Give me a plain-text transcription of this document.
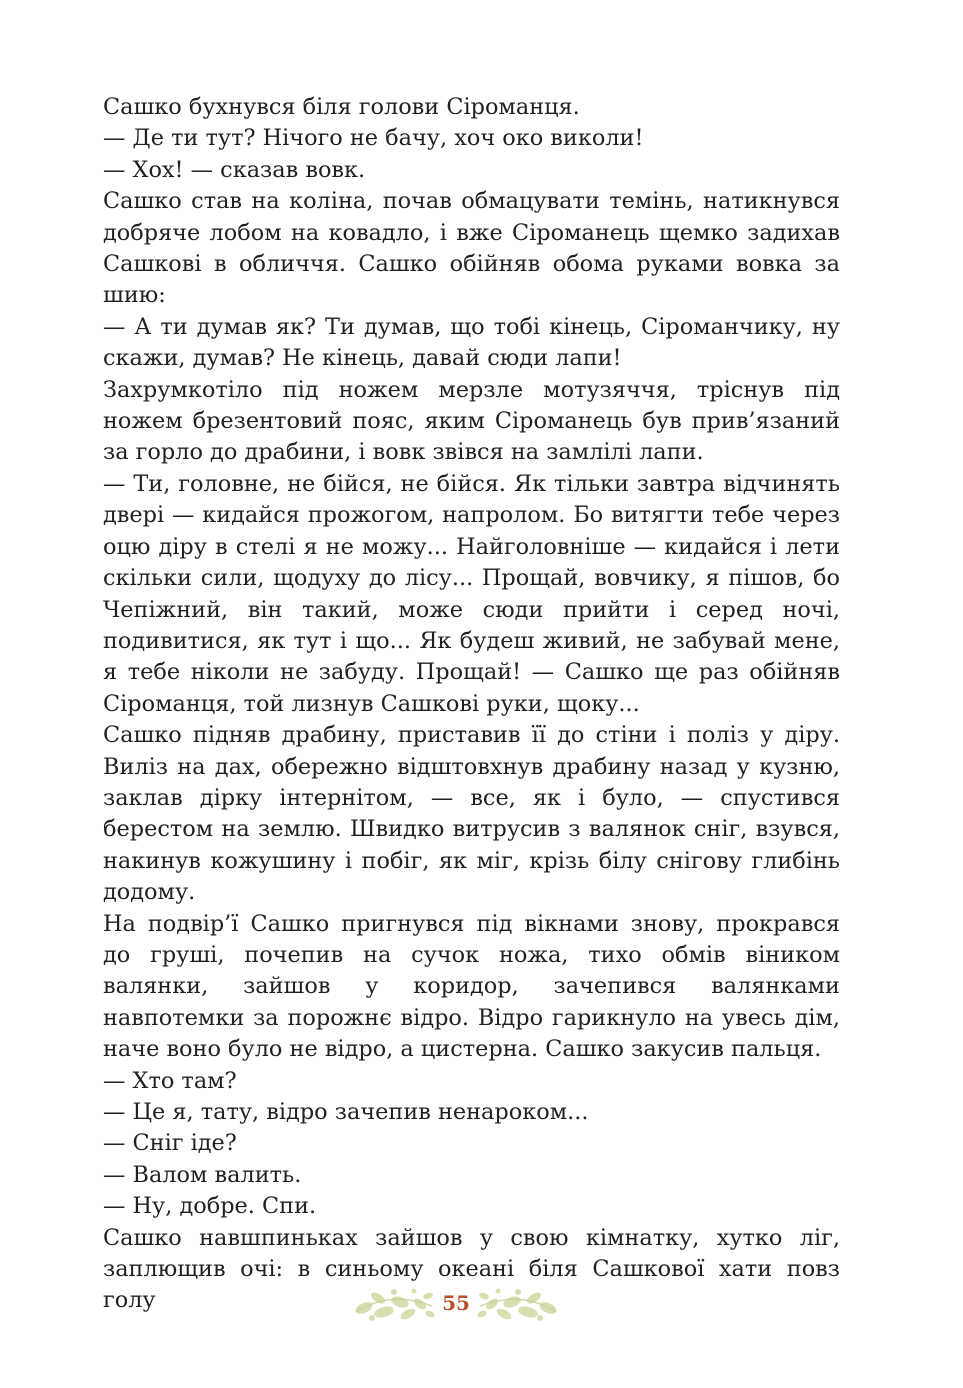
Сашко бухнувся біля голови Сіроманця.

— Де ти тут? Нічого не бачу, хоч око виколи!

— Хох! — сказав вовк.

Сашко став на коліна, почав обмацувати темінь, натикнувся добряче лобом на ковадло, і вже Сіроманець щемко задихав Сашкові в обличчя. Сашко обійняв обома руками вовка за шию:

— А ти думав як? Ти думав, що тобі кінець, Сіроманчику, ну скажи, думав? Не кінець, давай сюди лапи!

Захрумкотіло під ножем мерзле мотузяччя, тріснув під ножем брезентовий пояс, яким Сіроманець був прив’язаний за горло до драбини, і вовк звівся на замлілі лапи.

— Ти, головне, не бійся, не бійся. Як тільки завтра відчинять двері — кидайся прожогом, напролом. Бо витягти тебе через оцю діру в стелі я не можу... Найголовніше — кидайся і лети скільки сили, щодуху до лісу... Прощай, вовчику, я пішов, бо Чепіжний, він такий, може сюди прийти і серед ночі, подивитися, як тут і що... Як будеш живий, не забувай мене, я тебе ніколи не забуду. Прощай! — Сашко ще раз обійняв Сіроманця, той лизнув Сашкові руки, щоку...

Сашко підняв драбину, приставив її до стіни і поліз у діру. Виліз на дах, обережно відштовхнув драбину назад у кузню, заклав дірку інтернітом, — все, як і було, — спустився берестом на землю. Швидко витрусив з валянок сніг, взувся, накинув кожушину і побіг, як міг, крізь білу снігову глибінь додому.

На подвір’ї Сашко пригнувся під вікнами знову, прокрався до груші, почепив на сучок ножа, тихо обмів віником валянки, зайшов у коридор, зачепився валянками навпотемки за порожнє відро. Відро гарикнуло на увесь дім, наче воно було не відро, а цистерна. Сашко закусив пальця.

— Хто там?

— Це я, тату, відро зачепив ненароком...

— Сніг іде?

— Валом валить.

— Ну, добре. Спи.

Сашко навшпиньках зайшов у свою кімнатку, хутко ліг, заплющив очі: в синьому океані біля Сашкової хати повз голу	55
